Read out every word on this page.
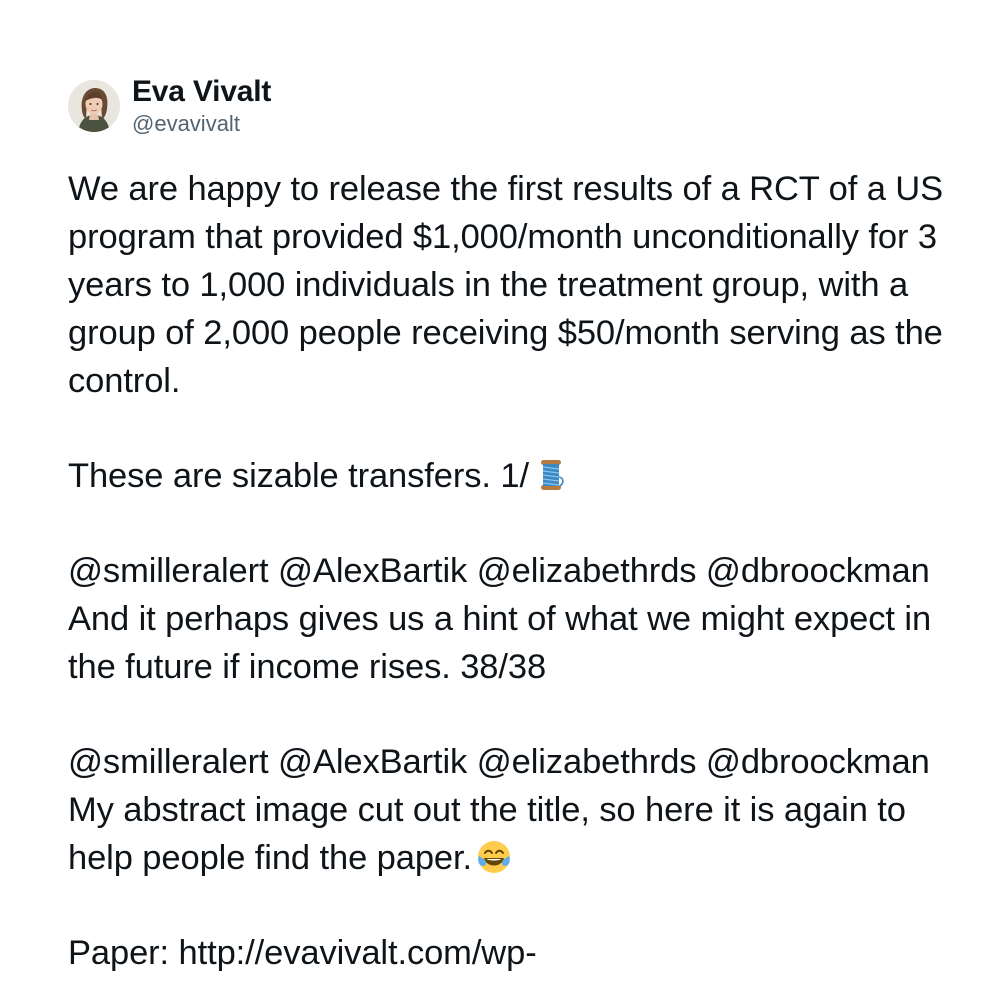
Eva Vivalt
@evavivalt

We are happy to release the first results of a RCT of a US program that provided $1,000/month unconditionally for 3 years to 1,000 individuals in the treatment group, with a group of 2,000 people receiving $50/month serving as the control.

These are sizable transfers. 1/

@smilleralert @AlexBartik @elizabethrds @dbroockman And it perhaps gives us a hint of what we might expect in the future if income rises. 38/38

@smilleralert @AlexBartik @elizabethrds @dbroockman My abstract image cut out the title, so here it is again to help people find the paper.

Paper: http://evavivalt.com/wp-
